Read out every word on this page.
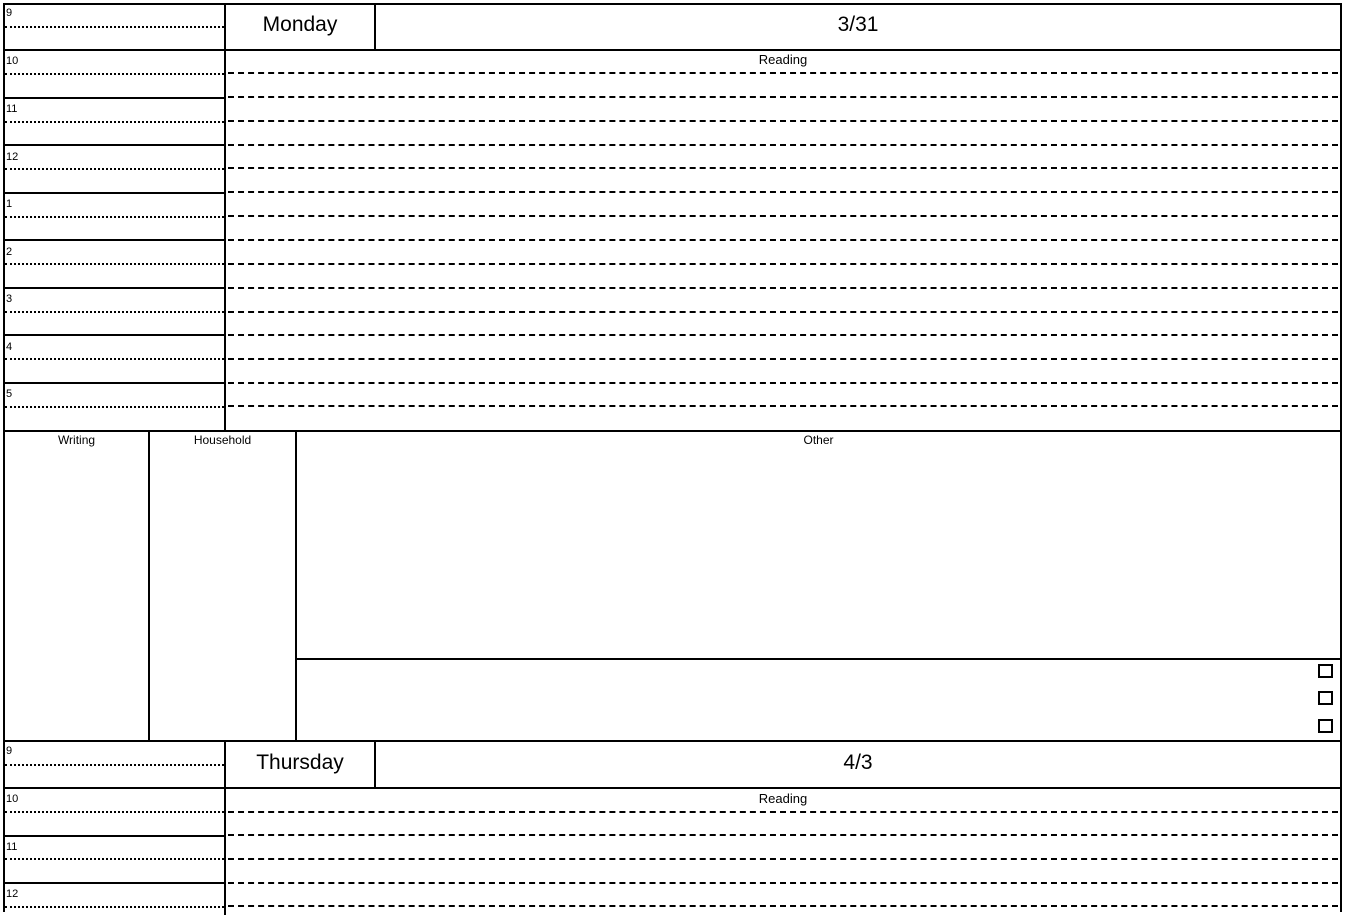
Monday	3/31
Reading
9
10
11
12
1
2
3
4
5
Writing	Household	Other
Thursday	4/3
Reading
9
10
11
12
